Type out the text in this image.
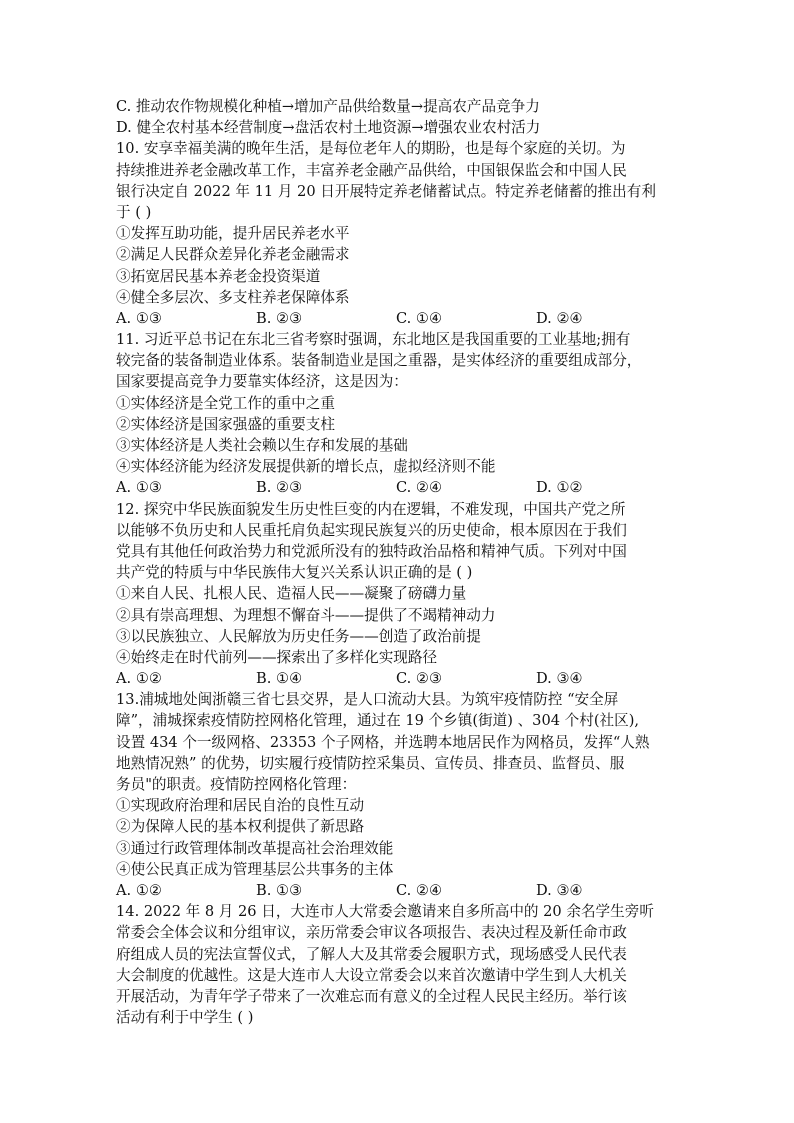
C. 推动农作物规模化种植→增加产品供给数量→提高农产品竞争力
D. 健全农村基本经营制度→盘活农村土地资源→增强农业农村活力
10. 安享幸福美满的晚年生活，是每位老年人的期盼，也是每个家庭的关切。为
持续推进养老金融改革工作，丰富养老金融产品供给，中国银保监会和中国人民
银行决定自 2022 年 11 月 20 日开展特定养老储蓄试点。特定养老储蓄的推出有利
于 ( )
①发挥互助功能，提升居民养老水平
②满足人民群众差异化养老金融需求
③拓宽居民基本养老金投资渠道
④健全多层次、多支柱养老保障体系
A. ①③	B. ②③	C. ①④	D. ②④
11. 习近平总书记在东北三省考察时强调，东北地区是我国重要的工业基地;拥有
较完备的装备制造业体系。装备制造业是国之重器，是实体经济的重要组成部分，
国家要提高竞争力要靠实体经济，这是因为：
①实体经济是全党工作的重中之重
②实体经济是国家强盛的重要支柱
③实体经济是人类社会赖以生存和发展的基础
④实体经济能为经济发展提供新的增长点，虚拟经济则不能
A. ①③	B. ②③	C. ②④	D. ①②
12. 探究中华民族面貌发生历史性巨变的内在逻辑，不难发现，中国共产党之所
以能够不负历史和人民重托肩负起实现民族复兴的历史使命，根本原因在于我们
党具有其他任何政治势力和党派所没有的独特政治品格和精神气质。下列对中国
共产党的特质与中华民族伟大复兴关系认识正确的是 ( )
①来自人民、扎根人民、造福人民——凝聚了磅礴力量
②具有崇高理想、为理想不懈奋斗——提供了不竭精神动力
③以民族独立、人民解放为历史任务——创造了政治前提
④始终走在时代前列——探索出了多样化实现路径
A. ①②	B. ①④	C. ②③	D. ③④
13.浦城地处闽浙赣三省七县交界，是人口流动大县。为筑牢疫情防控 “安全屏
障”，浦城探索疫情防控网格化管理，通过在 19 个乡镇(街道) 、304 个村(社区),
设置 434 个一级网格、23353 个子网格，并选聘本地居民作为网格员，发挥“人熟
地熟情况熟” 的优势，切实履行疫情防控采集员、宣传员、排查员、监督员、服
务员"的职责。疫情防控网格化管理：
①实现政府治理和居民自治的良性互动
②为保障人民的基本权利提供了新思路
③通过行政管理体制改革提高社会治理效能
④使公民真正成为管理基层公共事务的主体
A. ①②	B. ①③	C. ②④	D. ③④
14. 2022 年 8 月 26 日，大连市人大常委会邀请来自多所高中的 20 余名学生旁听
常委会全体会议和分组审议，亲历常委会审议各项报告、表决过程及新任命市政
府组成人员的宪法宣誓仪式，了解人大及其常委会履职方式，现场感受人民代表
大会制度的优越性。这是大连市人大设立常委会以来首次邀请中学生到人大机关
开展活动，为青年学子带来了一次难忘而有意义的全过程人民民主经历。举行该
活动有利于中学生 ( )
